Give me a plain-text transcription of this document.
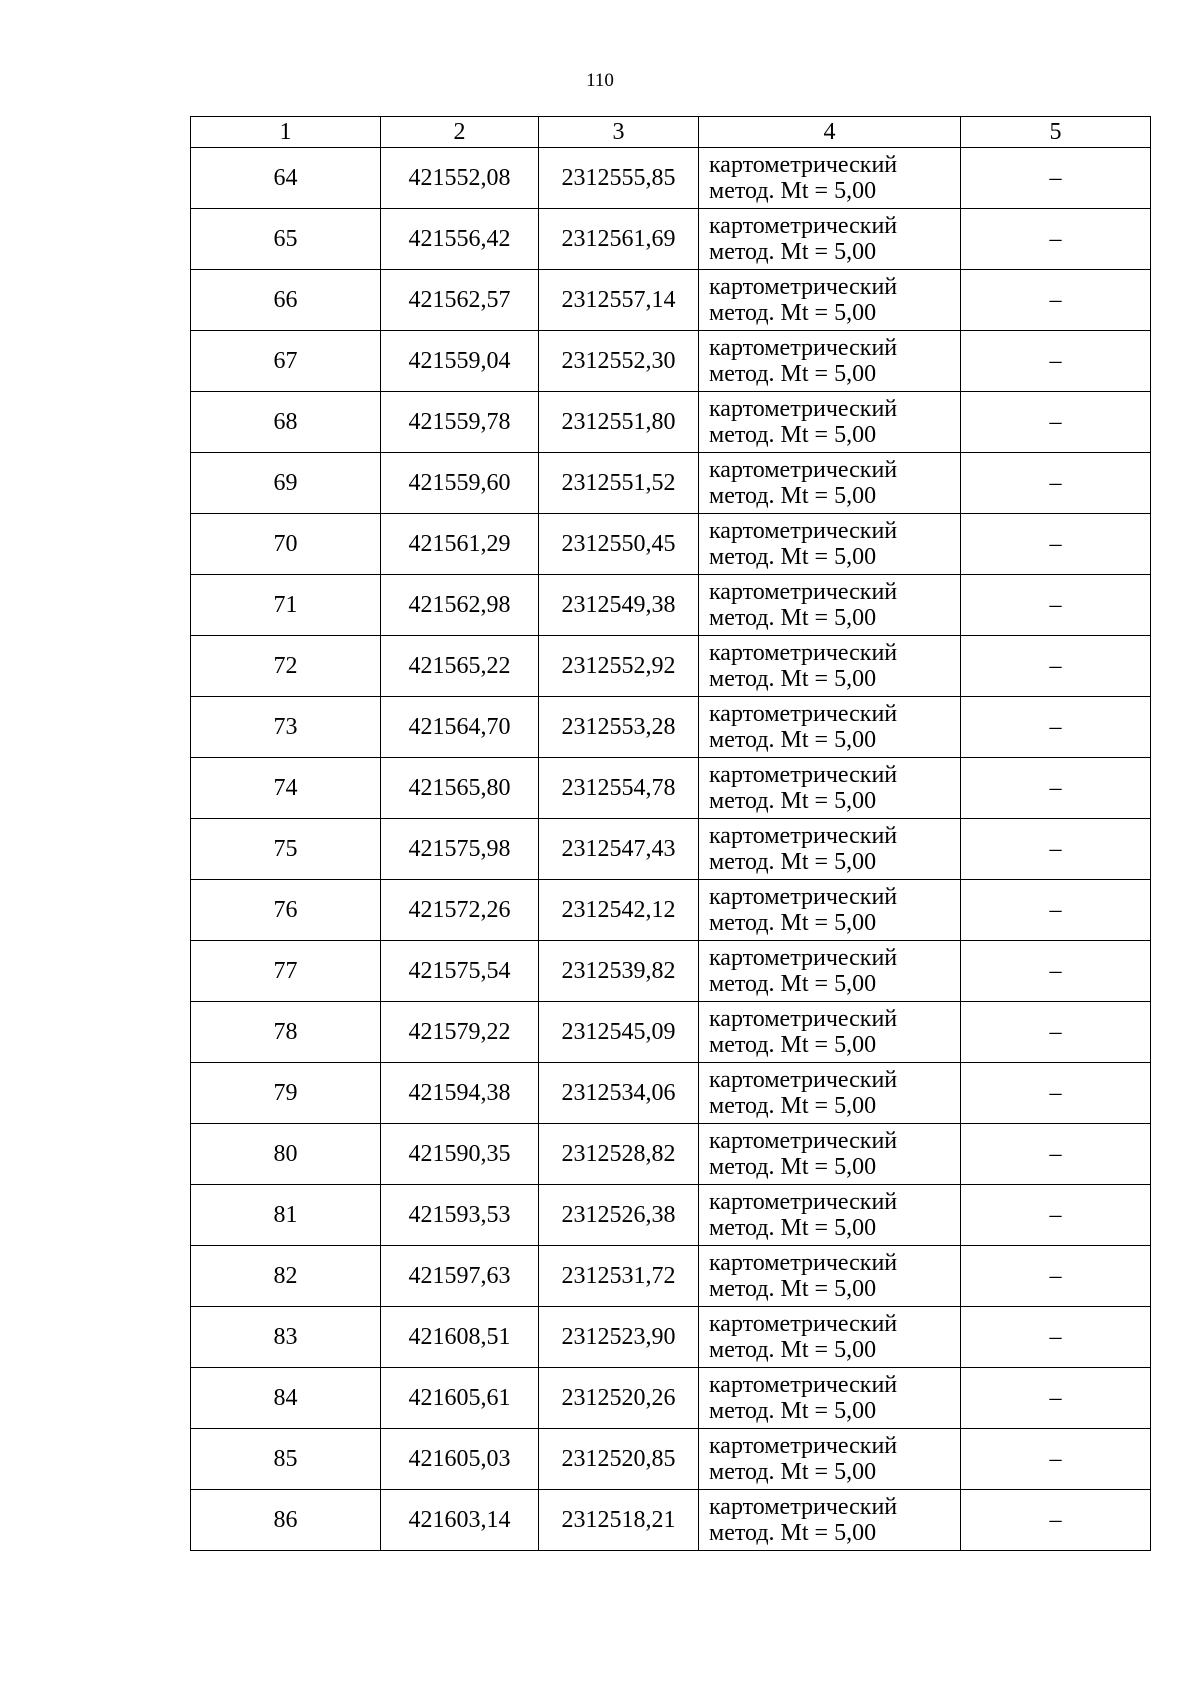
110
1	2	3	4	5
64	421552,08	2312555,85	картометрический
метод. Mt = 5,00	–
65	421556,42	2312561,69	картометрический
метод. Mt = 5,00	–
66	421562,57	2312557,14	картометрический
метод. Mt = 5,00	–
67	421559,04	2312552,30	картометрический
метод. Mt = 5,00	–
68	421559,78	2312551,80	картометрический
метод. Mt = 5,00	–
69	421559,60	2312551,52	картометрический
метод. Mt = 5,00	–
70	421561,29	2312550,45	картометрический
метод. Mt = 5,00	–
71	421562,98	2312549,38	картометрический
метод. Mt = 5,00	–
72	421565,22	2312552,92	картометрический
метод. Mt = 5,00	–
73	421564,70	2312553,28	картометрический
метод. Mt = 5,00	–
74	421565,80	2312554,78	картометрический
метод. Mt = 5,00	–
75	421575,98	2312547,43	картометрический
метод. Mt = 5,00	–
76	421572,26	2312542,12	картометрический
метод. Mt = 5,00	–
77	421575,54	2312539,82	картометрический
метод. Mt = 5,00	–
78	421579,22	2312545,09	картометрический
метод. Mt = 5,00	–
79	421594,38	2312534,06	картометрический
метод. Mt = 5,00	–
80	421590,35	2312528,82	картометрический
метод. Mt = 5,00	–
81	421593,53	2312526,38	картометрический
метод. Mt = 5,00	–
82	421597,63	2312531,72	картометрический
метод. Mt = 5,00	–
83	421608,51	2312523,90	картометрический
метод. Mt = 5,00	–
84	421605,61	2312520,26	картометрический
метод. Mt = 5,00	–
85	421605,03	2312520,85	картометрический
метод. Mt = 5,00	–
86	421603,14	2312518,21	картометрический
метод. Mt = 5,00	–
